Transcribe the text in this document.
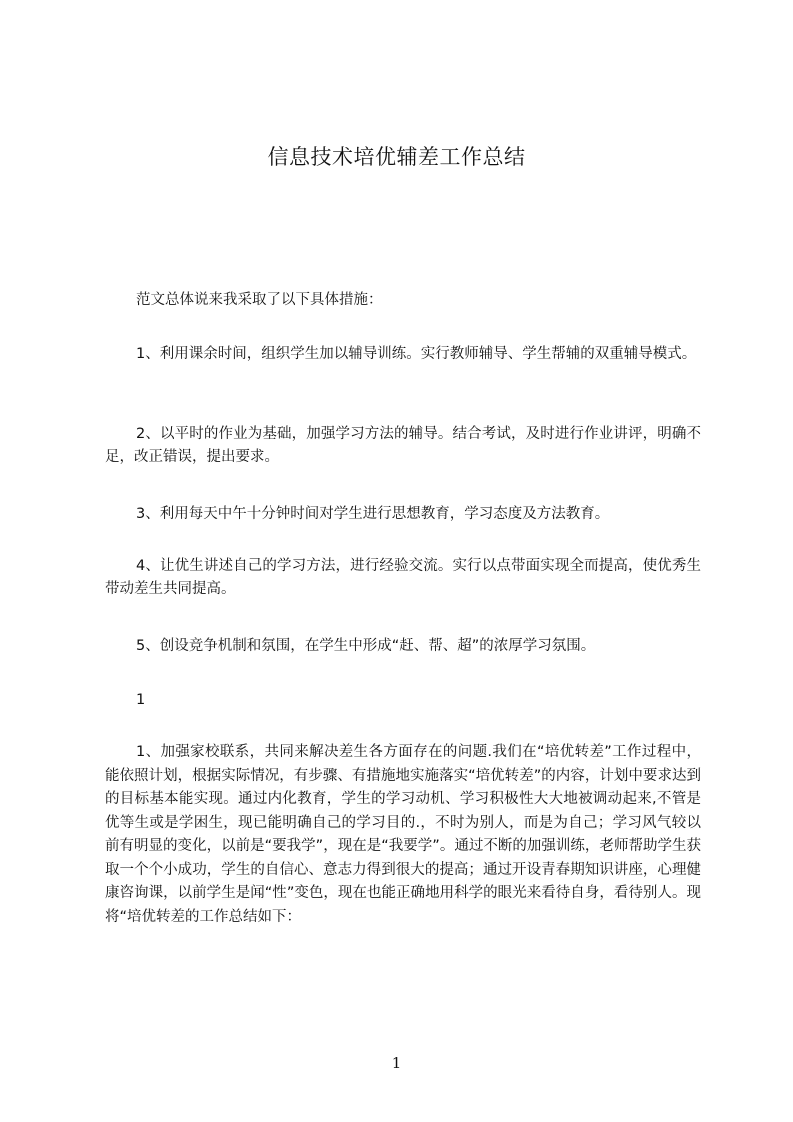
信息技术培优辅差工作总结

范文总体说来我采取了以下具体措施：

1、利用课余时间，组织学生加以辅导训练。实行教师辅导、学生帮辅的双重辅导模式。

2、以平时的作业为基础，加强学习方法的辅导。结合考试，及时进行作业讲评，明确不足，改正错误，提出要求。

3、利用每天中午十分钟时间对学生进行思想教育，学习态度及方法教育。

4、让优生讲述自己的学习方法，进行经验交流。实行以点带面实现全而提高，使优秀生带动差生共同提高。

5、创设竞争机制和氛围，在学生中形成“赶、帮、超”的浓厚学习氛围。

1

1、加强家校联系，共同来解决差生各方面存在的问题.我们在“培优转差”工作过程中，能依照计划，根据实际情况，有步骤、有措施地实施落实“培优转差”的内容，计划中要求达到的目标基本能实现。通过内化教育，学生的学习动机、学习积极性大大地被调动起来,不管是优等生或是学困生，现已能明确自己的学习目的.，不时为别人，而是为自己；学习风气较以前有明显的变化，以前是“要我学”，现在是“我要学”。通过不断的加强训练，老师帮助学生获取一个个小成功，学生的自信心、意志力得到很大的提高；通过开设青春期知识讲座，心理健康咨询课，以前学生是闻“性”变色，现在也能正确地用科学的眼光来看待自身，看待别人。现将“培优转差的工作总结如下：

1
